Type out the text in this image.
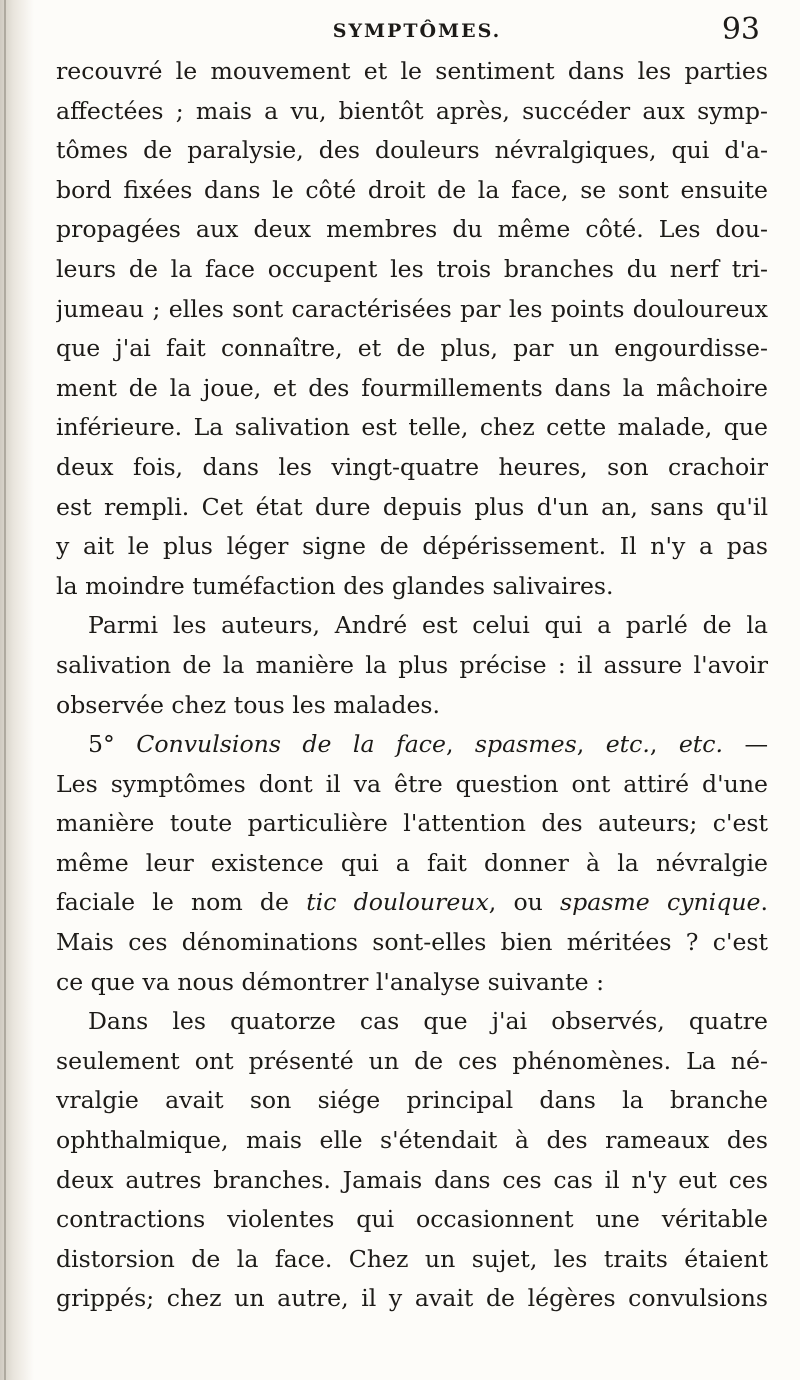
SYMPTÔMES.	93
recouvré le mouvement et le sentiment dans les parties
affectées ; mais a vu, bientôt après, succéder aux symp-
tômes de paralysie, des douleurs névralgiques, qui d'a-
bord fixées dans le côté droit de la face, se sont ensuite
propagées aux deux membres du même côté. Les dou-
leurs de la face occupent les trois branches du nerf tri-
jumeau ; elles sont caractérisées par les points douloureux
que j'ai fait connaître, et de plus, par un engourdisse-
ment de la joue, et des fourmillements dans la mâchoire
inférieure. La salivation est telle, chez cette malade, que
deux fois, dans les vingt-quatre heures, son crachoir
est rempli. Cet état dure depuis plus d'un an, sans qu'il
y ait le plus léger signe de dépérissement. Il n'y a pas
la moindre tuméfaction des glandes salivaires.
Parmi les auteurs, André est celui qui a parlé de la
salivation de la manière la plus précise : il assure l'avoir
observée chez tous les malades.
5° Convulsions de la face, spasmes, etc., etc. —
Les symptômes dont il va être question ont attiré d'une
manière toute particulière l'attention des auteurs; c'est
même leur existence qui a fait donner à la névralgie
faciale le nom de tic douloureux, ou spasme cynique.
Mais ces dénominations sont-elles bien méritées ? c'est
ce que va nous démontrer l'analyse suivante :
Dans les quatorze cas que j'ai observés, quatre
seulement ont présenté un de ces phénomènes. La né-
vralgie avait son siége principal dans la branche
ophthalmique, mais elle s'étendait à des rameaux des
deux autres branches. Jamais dans ces cas il n'y eut ces
contractions violentes qui occasionnent une véritable
distorsion de la face. Chez un sujet, les traits étaient
grippés; chez un autre, il y avait de légères convulsions
